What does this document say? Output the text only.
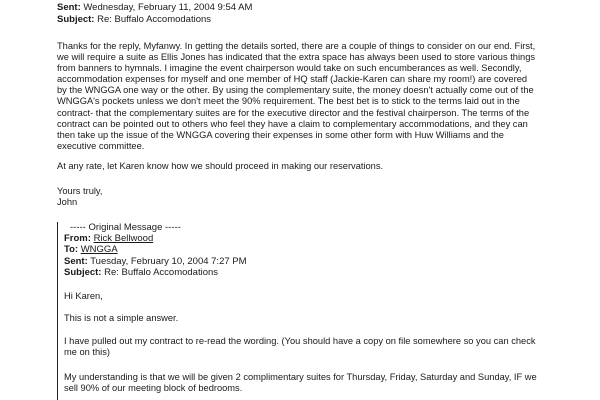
Sent: Wednesday, February 11, 2004 9:54 AM
Subject: Re: Buffalo Accomodations

Thanks for the reply, Myfanwy. In getting the details sorted, there are a couple of things to consider on our end. First, we will require a suite as Ellis Jones has indicated that the extra space has always been used to store various things from banners to hymnals. I imagine the event chairperson would take on such encumberances as well. Secondly, accommodation expenses for myself and one member of HQ staff (Jackie-Karen can share my room!) are covered by the WNGGA one way or the other. By using the complementary suite, the money doesn't actually come out of the WNGGA's pockets unless we don't meet the 90% requirement. The best bet is to stick to the terms laid out in the contract- that the complementary suites are for the executive director and the festival chairperson. The terms of the contract can be pointed out to others who feel they have a claim to complementary accommodations, and they can then take up the issue of the WNGGA covering their expenses in some other form with Huw Williams and the executive committee.

At any rate, let Karen know how we should proceed in making our reservations.

Yours truly,
John
----- Original Message -----
From: Rick Bellwood
To: WNGGA
Sent: Tuesday, February 10, 2004 7:27 PM
Subject: Re: Buffalo Accomodations

Hi Karen,

This is not a simple answer.

I have pulled out my contract to re-read the wording. (You should have a copy on file somewhere so you can check me on this)

My understanding is that we will be given 2 complimentary suites for Thursday, Friday, Saturday and Sunday, IF we sell 90% of our meeting block of bedrooms.
